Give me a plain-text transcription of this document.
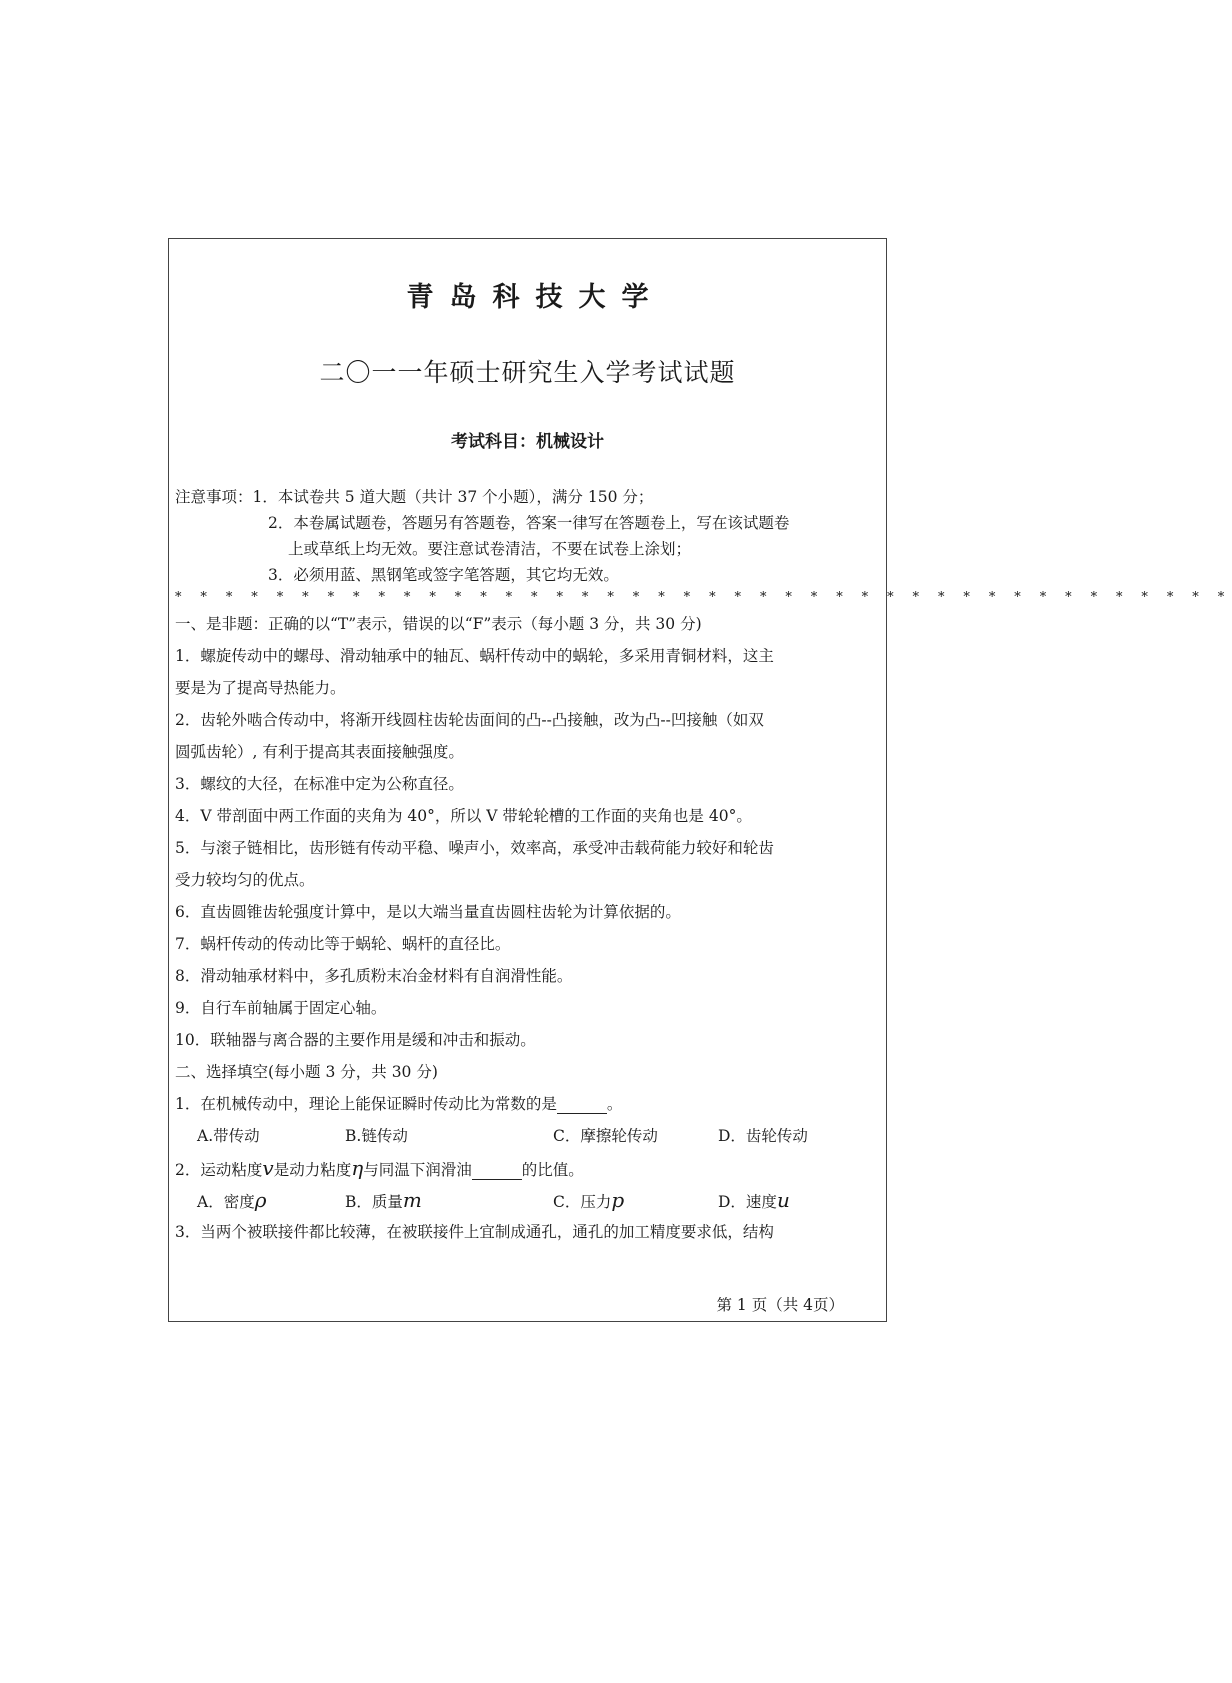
青岛科技大学
二〇一一年硕士研究生入学考试试题
考试科目：机械设计
注意事项：1．本试卷共 5 道大题（共计 37 个小题），满分 150 分；
2．本卷属试题卷，答题另有答题卷，答案一律写在答题卷上，写在该试题卷
上或草纸上均无效。要注意试卷清洁，不要在试卷上涂划；
3．必须用蓝、黑钢笔或签字笔答题，其它均无效。
* * * * * * * * * * * * * * * * * * * * * * * * * * * * * * * * * * * * * * * * * *
一、是非题：正确的以“T”表示，错误的以“F”表示（每小题 3 分，共 30 分)
1．螺旋传动中的螺母、滑动轴承中的轴瓦、蜗杆传动中的蜗轮，多采用青铜材料，这主
要是为了提高导热能力。
2．齿轮外啮合传动中，将渐开线圆柱齿轮齿面间的凸--凸接触，改为凸--凹接触（如双
圆弧齿轮）, 有利于提高其表面接触强度。
3．螺纹的大径，在标准中定为公称直径。
4．V 带剖面中两工作面的夹角为 40°，所以 V 带轮轮槽的工作面的夹角也是 40°。
5．与滚子链相比，齿形链有传动平稳、噪声小，效率高，承受冲击载荷能力较好和轮齿
受力较均匀的优点。
6．直齿圆锥齿轮强度计算中，是以大端当量直齿圆柱齿轮为计算依据的。
7．蜗杆传动的传动比等于蜗轮、蜗杆的直径比。
8．滑动轴承材料中，多孔质粉末冶金材料有自润滑性能。
9．自行车前轴属于固定心轴。
10．联轴器与离合器的主要作用是缓和冲击和振动。
二、选择填空(每小题 3 分，共 30 分)
1．在机械传动中，理论上能保证瞬时传动比为常数的是	。
A.带传动	B.链传动	C．摩擦轮传动	D．齿轮传动
2．运动粘度v是动力粘度η与同温下润滑油	的比值。
A．密度ρ	B．质量m	C．压力p	D．速度u
3．当两个被联接件都比较薄，在被联接件上宜制成通孔，通孔的加工精度要求低，结构
第 1 页（共 4页）
